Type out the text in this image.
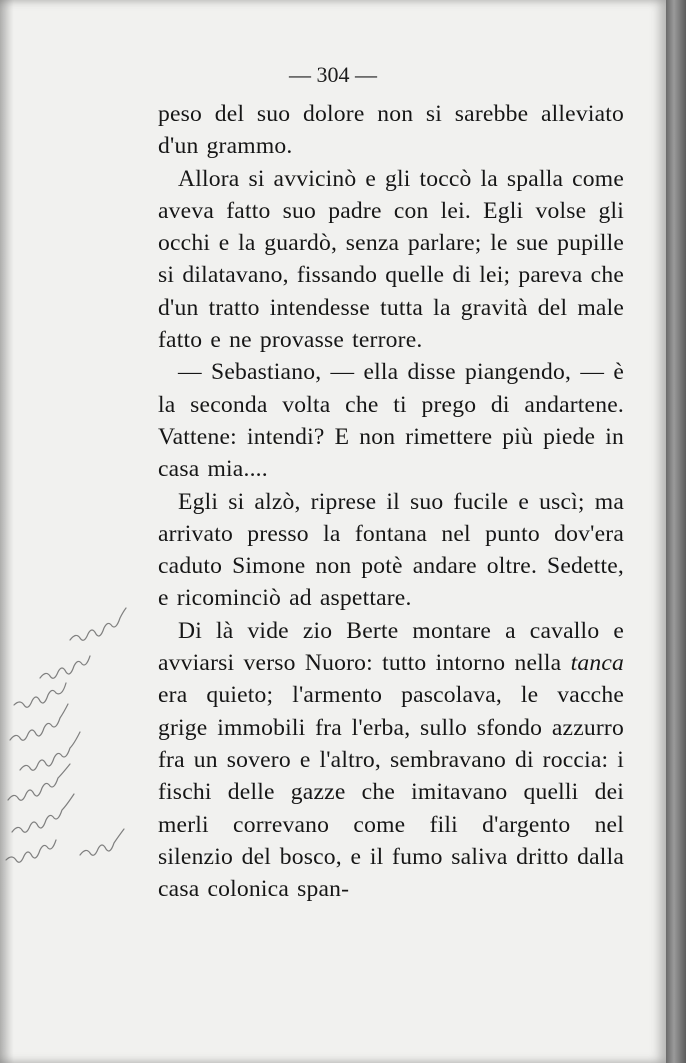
— 304 —

peso del suo dolore non si sarebbe alleviato d'un grammo.

Allora si avvicinò e gli toccò la spalla come aveva fatto suo padre con lei. Egli volse gli occhi e la guardò, senza parlare; le sue pupille si dilatavano, fissando quelle di lei; pareva che d'un tratto intendesse tutta la gravità del male fatto e ne provasse terrore.

— Sebastiano, — ella disse piangendo, — è la seconda volta che ti prego di andartene. Vattene: intendi? E non rimettere più piede in casa mia....

Egli si alzò, riprese il suo fucile e uscì; ma arrivato presso la fontana nel punto dov'era caduto Simone non potè andare oltre. Sedette, e ricominciò ad aspettare.

Di là vide zio Berte montare a cavallo e avviarsi verso Nuoro: tutto intorno nella tanca era quieto; l'armento pascolava, le vacche grige immobili fra l'erba, sullo sfondo azzurro fra un sovero e l'altro, sembravano di roccia: i fischi delle gazze che imitavano quelli dei merli correvano come fili d'argento nel silenzio del bosco, e il fumo saliva dritto dalla casa colonica span-
